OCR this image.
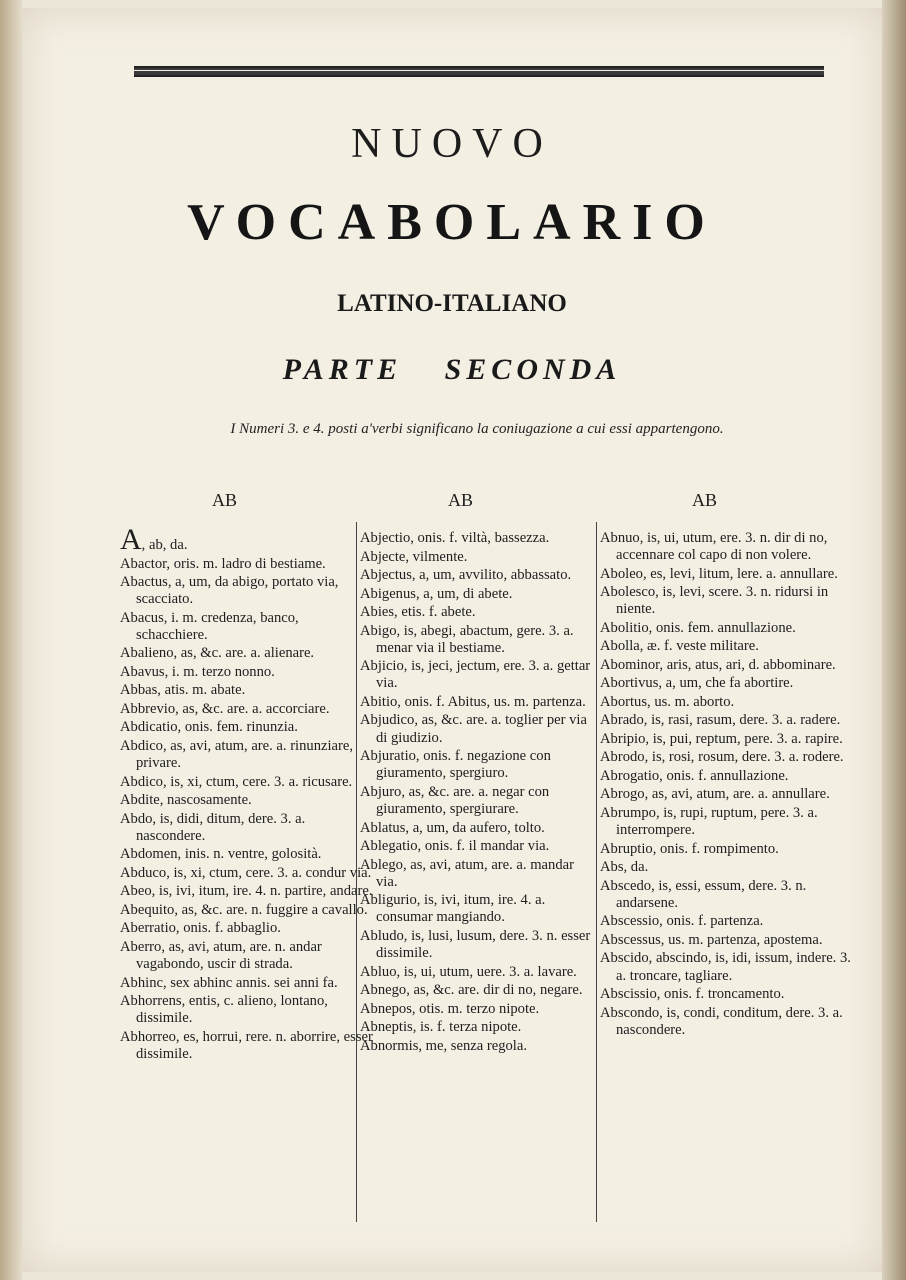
NUOVO
VOCABOLARIO
LATINO-ITALIANO
PARTE SECONDA
I Numeri 3. e 4. posti a'verbi significano la coniugazione a cui essi appartengono.
AB	AB	AB
A, ab, da.
Abactor, oris. m. ladro di bestiame.
Abactus, a, um, da abigo, portato via, scacciato.
Abacus, i. m. credenza, banco, schacchiere.
Abalieno, as, &c. are. a. alienare.
Abavus, i. m. terzo nonno.
Abbas, atis. m. abate.
Abbrevio, as, &c. are. a. accorciare.
Abdicatio, onis. fem. rinunzia.
Abdico, as, avi, atum, are. a. rinunziare, privare.
Abdico, is, xi, ctum, cere. 3. a. ricusare.
Abdite, nascosamente.
Abdo, is, didi, ditum, dere. 3. a. nascondere.
Abdomen, inis. n. ventre, golosità.
Abduco, is, xi, ctum, cere. 3. a. condur via.
Abeo, is, ivi, itum, ire. 4. n. partire, andare.
Abequito, as, &c. are. n. fuggire a cavallo.
Aberratio, onis. f. abbaglio.
Aberro, as, avi, atum, are. n. andar vagabondo, uscir di strada.
Abhinc, sex abhinc annis. sei anni fa.
Abhorrens, entis, c. alieno, lontano, dissimile.
Abhorreo, es, horrui, rere. n. aborrire, esser dissimile.
Abjectio, onis. f. viltà, bassezza.
Abjecte, vilmente.
Abjectus, a, um, avvilito, abbassato.
Abigenus, a, um, di abete.
Abies, etis. f. abete.
Abigo, is, abegi, abactum, gere. 3. a. menar via il bestiame.
Abjicio, is, jeci, jectum, ere. 3. a. gettar via.
Abitio, onis. f. Abitus, us. m. partenza.
Abjudico, as, &c. are. a. toglier per via di giudizio.
Abjuratio, onis. f. negazione con giuramento, spergiuro.
Abjuro, as, &c. are. a. negar con giuramento, spergiurare.
Ablatus, a, um, da aufero, tolto.
Ablegatio, onis. f. il mandar via.
Ablego, as, avi, atum, are. a. mandar via.
Abligurio, is, ivi, itum, ire. 4. a. consumar mangiando.
Abludo, is, lusi, lusum, dere. 3. n. esser dissimile.
Abluo, is, ui, utum, uere. 3. a. lavare.
Abnego, as, &c. are. dir di no, negare.
Abnepos, otis. m. terzo nipote.
Abneptis, is. f. terza nipote.
Abnormis, me, senza regola.
Abnuo, is, ui, utum, ere. 3. n. dir di no, accennare col capo di non volere.
Aboleo, es, levi, litum, lere. a. annullare.
Abolesco, is, levi, scere. 3. n. ridursi in niente.
Abolitio, onis. fem. annullazione.
Abolla, æ. f. veste militare.
Abominor, aris, atus, ari, d. abbominare.
Abortivus, a, um, che fa abortire.
Abortus, us. m. aborto.
Abrado, is, rasi, rasum, dere. 3. a. radere.
Abripio, is, pui, reptum, pere. 3. a. rapire.
Abrodo, is, rosi, rosum, dere. 3. a. rodere.
Abrogatio, onis. f. annullazione.
Abrogo, as, avi, atum, are. a. annullare.
Abrumpo, is, rupi, ruptum, pere. 3. a. interrompere.
Abruptio, onis. f. rompimento.
Abs, da.
Abscedo, is, essi, essum, dere. 3. n. andarsene.
Abscessio, onis. f. partenza.
Abscessus, us. m. partenza, apostema.
Abscido, abscindo, is, idi, issum, indere. 3. a. troncare, tagliare.
Abscissio, onis. f. troncamento.
Abscondo, is, condi, conditum, dere. 3. a. nascondere.
